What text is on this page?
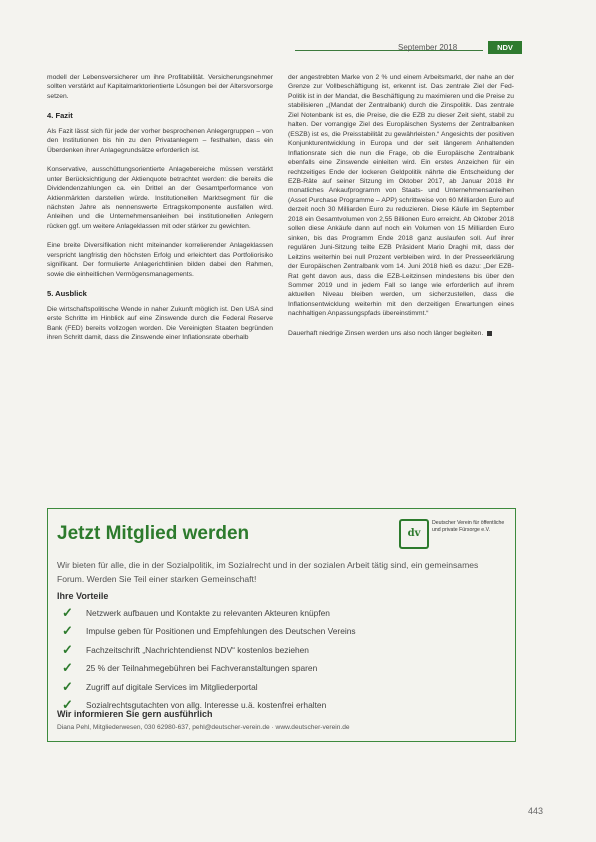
September 2018	NDV

modell der Lebensversicherer um ihre Profitabilität. Versicherungsnehmer sollten verstärkt auf Kapitalmarktorientierte Lösungen bei der Altersvorsorge setzen.

4. Fazit

Als Fazit lässt sich für jede der vorher besprochenen Anlegergruppen – von den Institutionen bis hin zu den Privatanlegern – festhalten, dass ein Überdenken ihrer Anlagegrundsätze erforderlich ist.

Konservative, ausschüttungsorientierte Anlagebereiche müssen verstärkt unter Berücksichtigung der Aktienquote betrachtet werden: die bereits die Dividendenzahlungen ca. ein Drittel an der Gesamtperformance von Aktienmärkten darstellen würde. Institutionellen Marktsegment für die nächsten Jahre als nennenswerte Ertragskomponente ausfallen wird. Anleihen und die Unternehmensanleihen bei institutionellen Anlegern rücken ggf. um weitere Anlageklassen mit oder stärker zu gewichten.

Eine breite Diversifikation nicht miteinander korrelierender Anlageklassen verspricht langfristig den höchsten Erfolg und erleichtert das Portfoliorisiko signifikant. Der formulierte Anlagerichtlinien bilden dabei den Rahmen, sowie die einheitlichen Vermögensmanagements.

5. Ausblick

Die wirtschaftspolitische Wende in naher Zukunft möglich ist. Den USA sind erste Schritte im Hinblick auf eine Zinswende durch die Federal Reserve Bank (FED) bereits vollzogen worden. Die Vereinigten Staaten begründen ihren Schritt damit, dass die Zinswende einer Inflationsrate oberhalb

der angestrebten Marke von 2 % und einem Arbeitsmarkt, der nahe an der Grenze zur Vollbeschäftigung ist, erkennt ist. Das zentrale Ziel der Fed-Politik ist in der Mandat, die Beschäftigung zu maximieren und die Preise zu stabilisieren „(Mandat der Zentralbank) durch die Zinspolitik. Das zentrale Ziel Notenbank ist es, die Preise, die die EZB zu dieser Zeit sieht, stabil zu halten. Der vorrangige Ziel des Europäischen Systems der Zentralbanken (ESZB) ist es, die Preisstabilität zu gewährleisten.“ Angesichts der positiven Konjunkturentwicklung in Europa und der seit längerem Anhaltenden Inflationsrate sich die nun die Frage, ob die Europäische Zentralbank ebenfalls eine Zinswende einleiten wird. Ein erstes Anzeichen für ein rechtzeitiges Ende der lockeren Geldpolitik nährte die Entscheidung der EZB-Räte auf seiner Sitzung im Oktober 2017, ab Januar 2018 ihr monatliches Ankaufprogramm von Staats- und Unternehmensanleihen (Asset Purchase Programme – APP) schrittweise von 60 Milliarden Euro auf derzeit noch 30 Milliarden Euro zu reduzieren. Diese Käufe im September 2018 ein Gesamtvolumen von 2,55 Billionen Euro erreicht. Ab Oktober 2018 sollen diese Ankäufe dann auf noch ein Volumen von 15 Milliarden Euro sinken, bis das Programm Ende 2018 ganz auslaufen soll. Auf ihrer regulären Juni-Sitzung teilte EZB Präsident Mario Draghi mit, dass der Leitzins weiterhin bei null Prozent verbleiben wird. In der Presseerklärung der Europäischen Zentralbank vom 14. Juni 2018 hieß es dazu: „Der EZB-Rat geht davon aus, dass die EZB-Leitzinsen mindestens bis über den Sommer 2019 und in jedem Fall so lange wie erforderlich auf ihrem aktuellen Niveau bleiben werden, um sicherzustellen, dass die Inflationsentwicklung weiterhin mit den derzeitigen Erwartungen eines nachhaltigen Anpassungspfads übereinstimmt.“

Dauerhaft niedrige Zinsen werden uns also noch länger begleiten.

Jetzt Mitglied werden	dv
Deutscher Verein für öffentliche und private Fürsorge e.V.
Wir bieten für alle, die in der Sozialpolitik, im Sozialrecht und in der sozialen Arbeit tätig sind, ein gemeinsames Forum. Werden Sie Teil einer starken Gemeinschaft!
Ihre Vorteile
✓ Netzwerk aufbauen und Kontakte zu relevanten Akteuren knüpfen
✓ Impulse geben für Positionen und Empfehlungen des Deutschen Vereins
✓ Fachzeitschrift „Nachrichtendienst NDV“ kostenlos beziehen
✓ 25 % der Teilnahmegebühren bei Fachveranstaltungen sparen
✓ Zugriff auf digitale Services im Mitgliederportal
✓ Sozialrechtsgutachten von allg. Interesse u.ä. kostenfrei erhalten
Wir informieren Sie gern ausführlich
Diana Pehl, Mitgliederwesen, 030 62980-637, pehl@deutscher-verein.de · www.deutscher-verein.de
443
